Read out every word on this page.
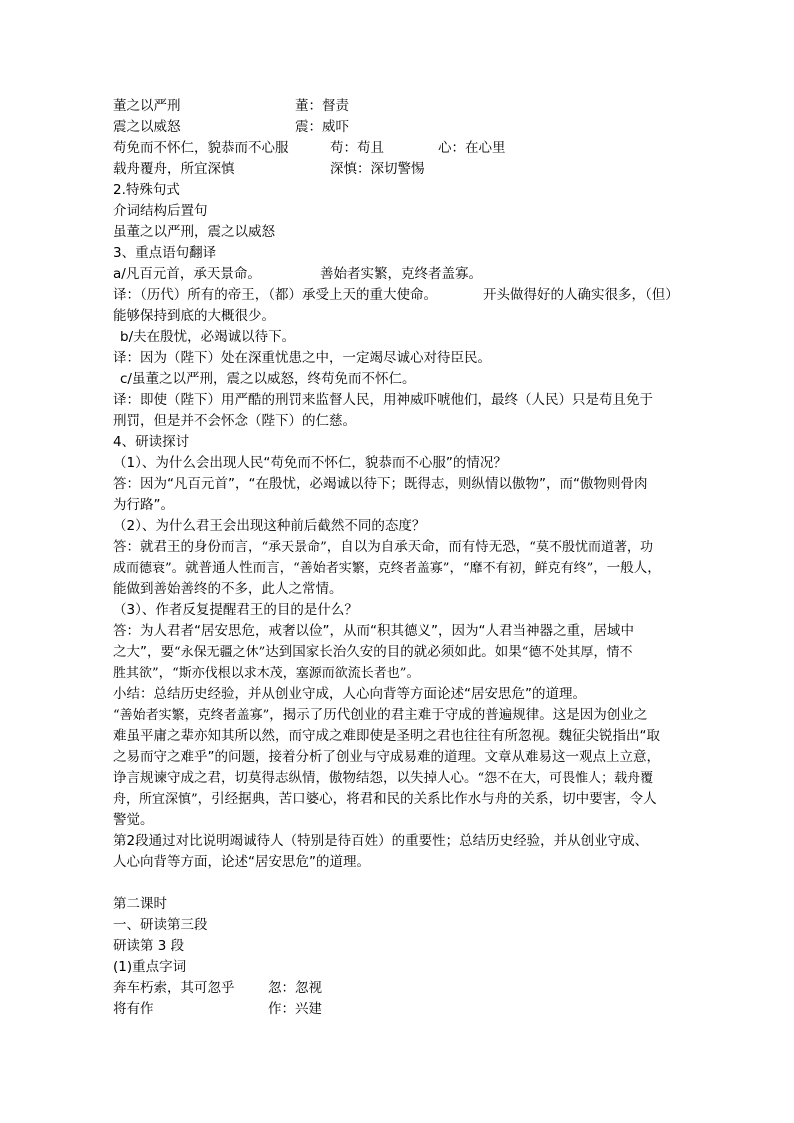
董之以严刑	董：督责
震之以威怒	震：威吓
苟免而不怀仁，貌恭而不心服	苟：苟且	心：在心里
载舟覆舟，所宜深慎	深慎：深切警惕
2.特殊句式
介词结构后置句
虽董之以严刑，震之以威怒
3、重点语句翻译
a/凡百元首，承天景命。	善始者实繁，克终者盖寡。
译：（历代）所有的帝王，（都）承受上天的重大使命。	开头做得好的人确实很多，（但）
能够保持到底的大概很少。
b/夫在殷忧，必竭诚以待下。
译：因为（陛下）处在深重忧患之中，一定竭尽诚心对待臣民。
c/虽董之以严刑，震之以威怒，终苟免而不怀仁。
译：即使（陛下）用严酷的刑罚来监督人民，用神威吓唬他们，最终（人民）只是苟且免于
刑罚，但是并不会怀念（陛下）的仁慈。
4、研读探讨
（1）、为什么会出现人民“苟免而不怀仁，貌恭而不心服”的情况？
答：因为“凡百元首”，“在殷忧，必竭诚以待下；既得志，则纵情以傲物”，而“傲物则骨肉
为行路”。
（2）、为什么君王会出现这种前后截然不同的态度？
答：就君王的身份而言，“承天景命”，自以为自承天命，而有恃无恐，“莫不殷忧而道著，功
成而德衰”。就普通人性而言，“善始者实繁，克终者盖寡”，“靡不有初，鲜克有终”，一般人，
能做到善始善终的不多，此人之常情。
（3）、作者反复提醒君王的目的是什么？
答：为人君者“居安思危，戒奢以俭”，从而“积其德义”，因为“人君当神器之重，居域中
之大”，要“永保无疆之休”达到国家长治久安的目的就必须如此。如果“德不处其厚，情不
胜其欲”，“斯亦伐根以求木茂，塞源而欲流长者也”。
小结：总结历史经验，并从创业守成，人心向背等方面论述“居安思危”的道理。
“善始者实繁，克终者盖寡”，揭示了历代创业的君主难于守成的普遍规律。这是因为创业之
难虽平庸之辈亦知其所以然，而守成之难即使是圣明之君也往往有所忽视。魏征尖锐指出“取
之易而守之难乎”的问题，接着分析了创业与守成易难的道理。文章从难易这一观点上立意，
诤言规谏守成之君，切莫得志纵情，傲物结怨，以失掉人心。“怨不在大，可畏惟人；载舟覆
舟，所宜深慎”，引经据典，苦口婆心，将君和民的关系比作水与舟的关系，切中要害，令人
警觉。
第2段通过对比说明竭诚待人（特别是待百姓）的重要性；总结历史经验，并从创业守成、
人心向背等方面，论述“居安思危”的道理。
第二课时
一、研读第三段
研读第 3 段
(1)重点字词
奔车朽索，其可忽乎 忽：忽视
将有作	作：兴建
